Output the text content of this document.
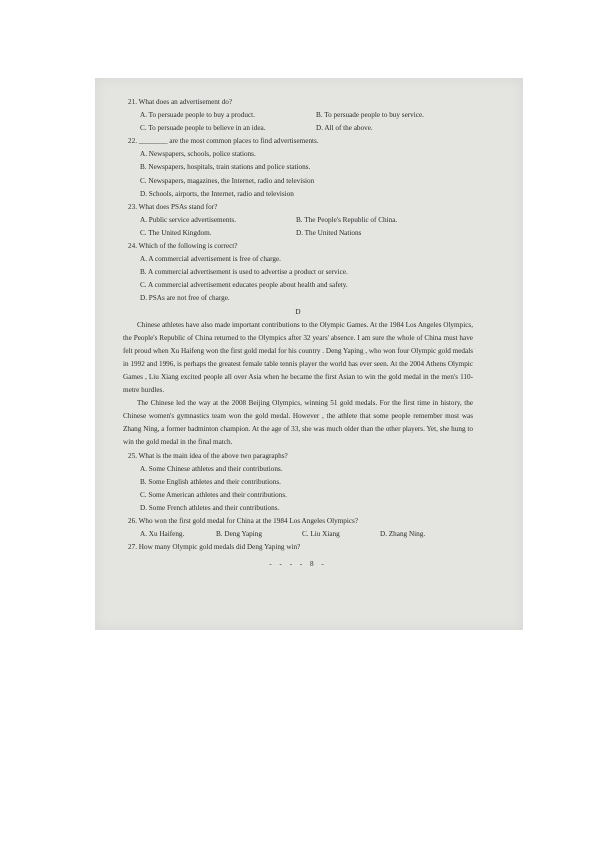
21. What does an advertisement do?
A. To persuade people to buy a product.	B. To persuade people to buy service.
C. To persuade people to believe in an idea.	D. All of the above.
22. ________ are the most common places to find advertisements.
A. Newspapers, schools, police stations.
B. Newspapers, hospitals, train stations and police stations.
C. Newspapers, magazines, the Internet, radio and television
D. Schools, airports, the Internet, radio and television
23. What does PSAs stand for?
A. Public service advertisements.	B. The People's Republic of China.
C. The United Kingdom.	D. The United Nations
24. Which of the following is correct?
A. A commercial advertisement is free of charge.
B. A commercial advertisement is used to advertise a product or service.
C. A commercial advertisement educates people about health and safety.
D. PSAs are not free of charge.
D
Chinese athletes have also made important contributions to the Olympic Games. At the 1984 Los Angeles Olympics, the People's Republic of China returned to the Olympics after 32 years' absence. I am sure the whole of China must have felt proud when Xu Haifeng won the first gold medal for his country . Deng Yaping , who won four Olympic gold medals in 1992 and 1996, is perhaps the greatest female table tennis player the world has ever seen. At the 2004 Athens Olympic Games , Liu Xiang excited people all over Asia when he became the first Asian to win the gold medal in the men's 110-metre hurdles.
The Chinese led the way at the 2008 Beijing Olympics, winning 51 gold medals. For the first time in history, the Chinese women's gymnastics team won the gold medal. However , the athlete that some people remember most was Zhang Ning, a former badminton champion. At the age of 33, she was much older than the other players. Yet, she hung to win the gold medal in the final match.
25. What is the main idea of the above two paragraphs?
A. Some Chinese athletes and their contributions.
B. Some English athletes and their contributions.
C. Some American athletes and their contributions.
D. Some French athletes and their contributions.
26. Who won the first gold medal for China at the 1984 Los Angeles Olympics?
A. Xu Haifeng.	B. Deng Yaping	C. Liu Xiang	D. Zhang Ning.
27. How many Olympic gold medals did Deng Yaping win?
- - - - 8 -
